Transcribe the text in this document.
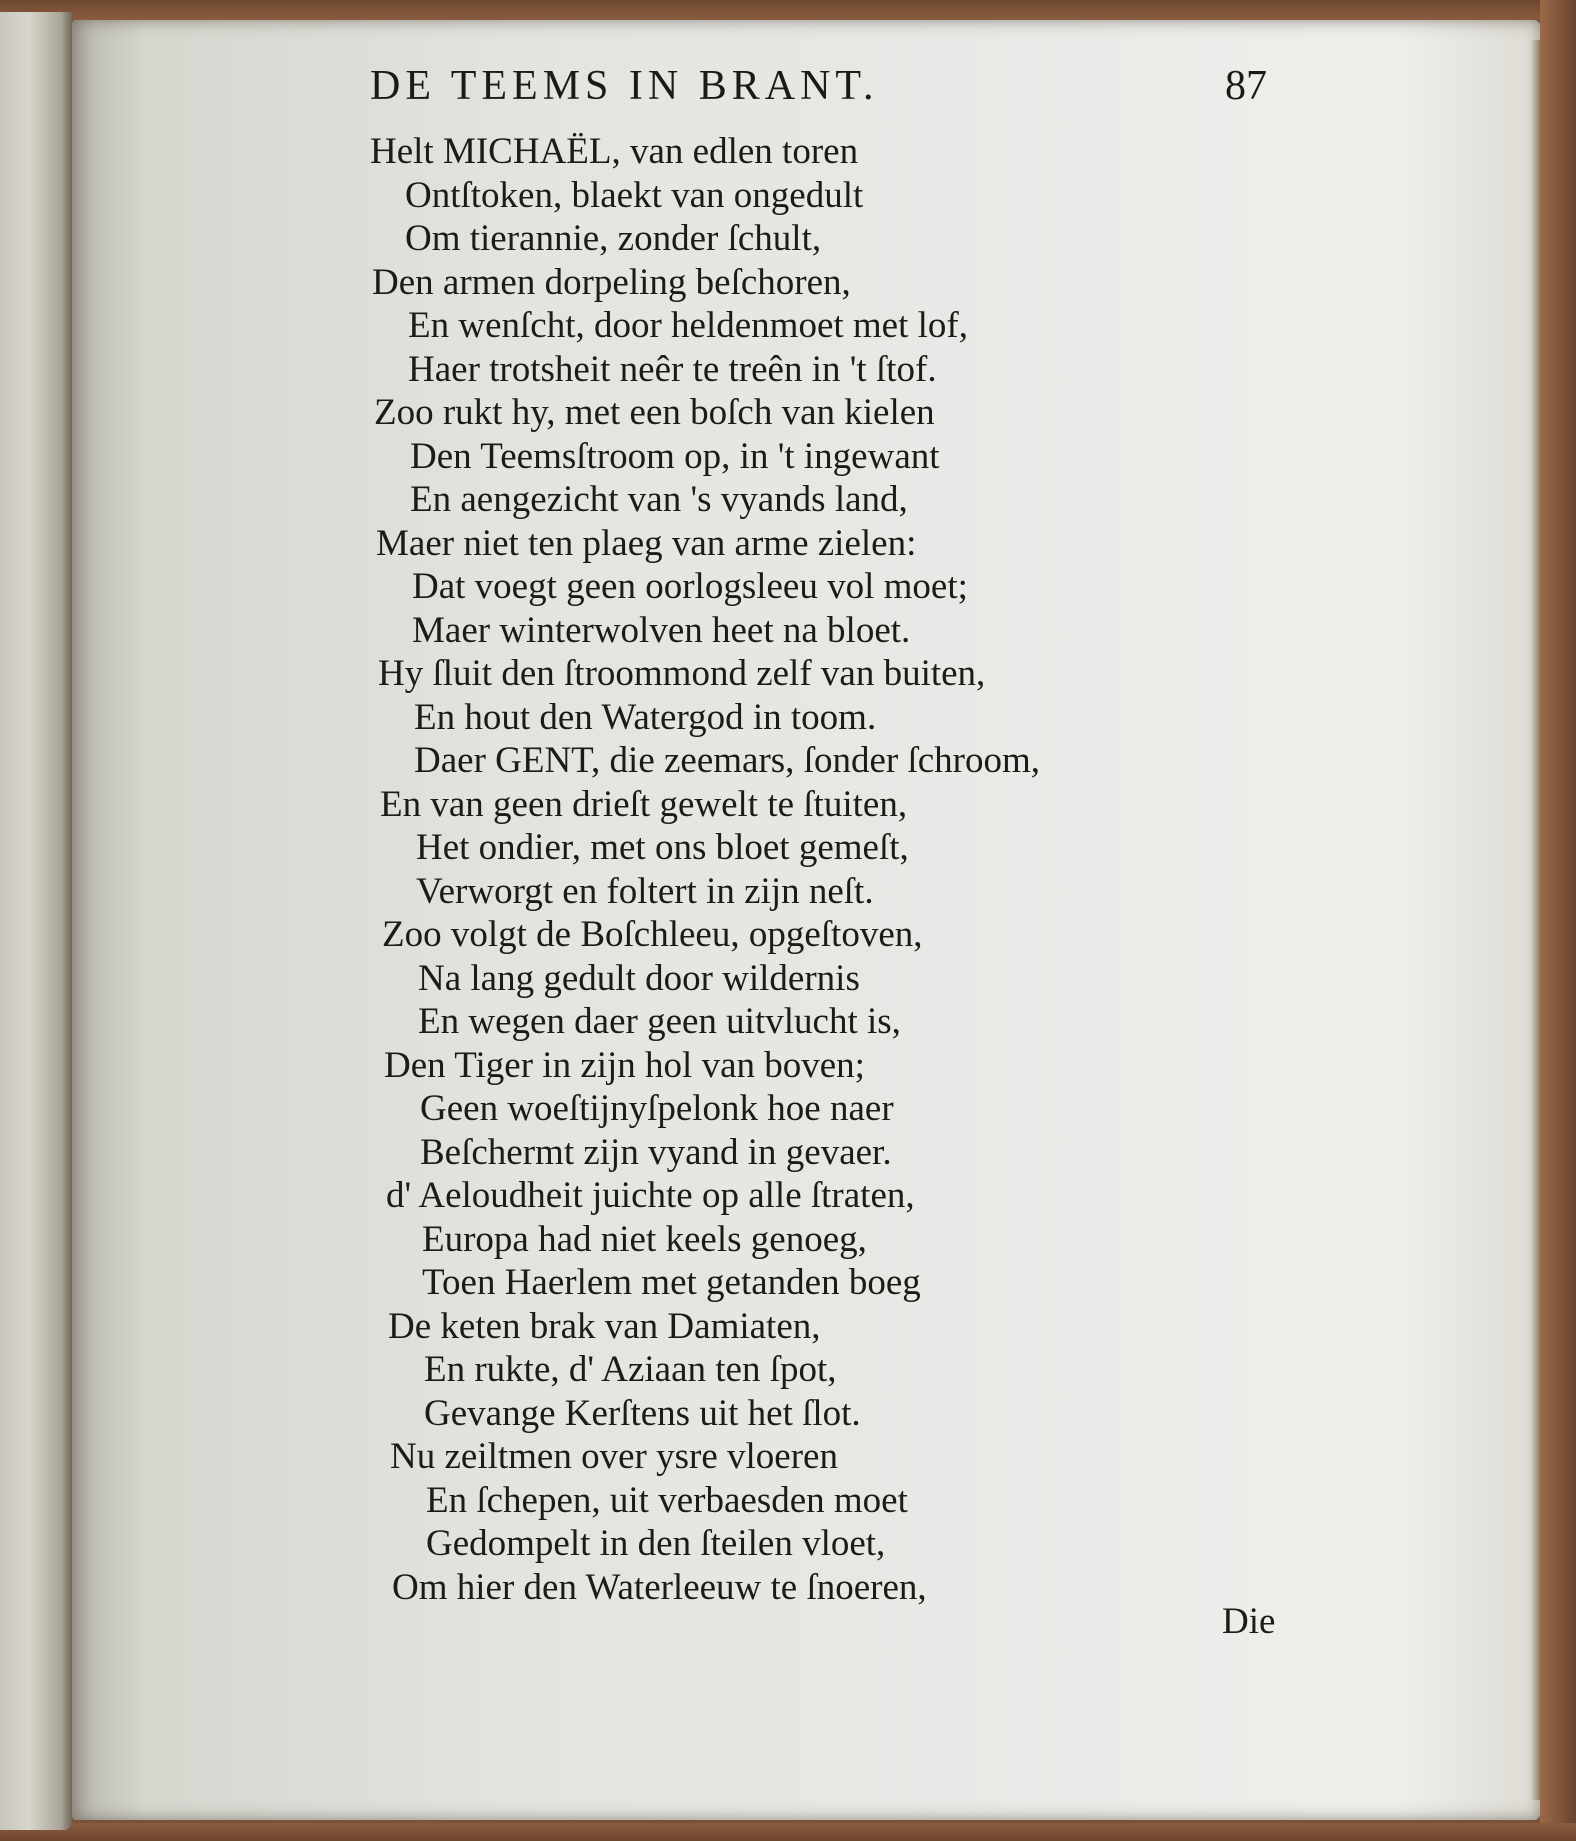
DE TEEMS IN BRANT.	87
Helt MICHAËL, van edlen toren
Ontſtoken, blaekt van ongedult
Om tierannie, zonder ſchult,
Den armen dorpeling beſchoren,
En wenſcht, door heldenmoet met lof,
Haer trotsheit neêr te treên in 't ſtof.
Zoo rukt hy, met een boſch van kielen
Den Teemsſtroom op, in 't ingewant
En aengezicht van 's vyands land,
Maer niet ten plaeg van arme zielen:
Dat voegt geen oorlogsleeu vol moet;
Maer winterwolven heet na bloet.
Hy ſluit den ſtroommond zelf van buiten,
En hout den Watergod in toom.
Daer GENT, die zeemars, ſonder ſchroom,
En van geen drieſt gewelt te ſtuiten,
Het ondier, met ons bloet gemeſt,
Verworgt en foltert in zijn neſt.
Zoo volgt de Boſchleeu, opgeſtoven,
Na lang gedult door wildernis
En wegen daer geen uitvlucht is,
Den Tiger in zijn hol van boven;
Geen woeſtijnyſpelonk hoe naer
Beſchermt zijn vyand in gevaer.
d' Aeloudheit juichte op alle ſtraten,
Europa had niet keels genoeg,
Toen Haerlem met getanden boeg
De keten brak van Damiaten,
En rukte, d' Aziaan ten ſpot,
Gevange Kerſtens uit het ſlot.
Nu zeiltmen over ysre vloeren
En ſchepen, uit verbaesden moet
Gedompelt in den ſteilen vloet,
Om hier den Waterleeuw te ſnoeren,
Die
